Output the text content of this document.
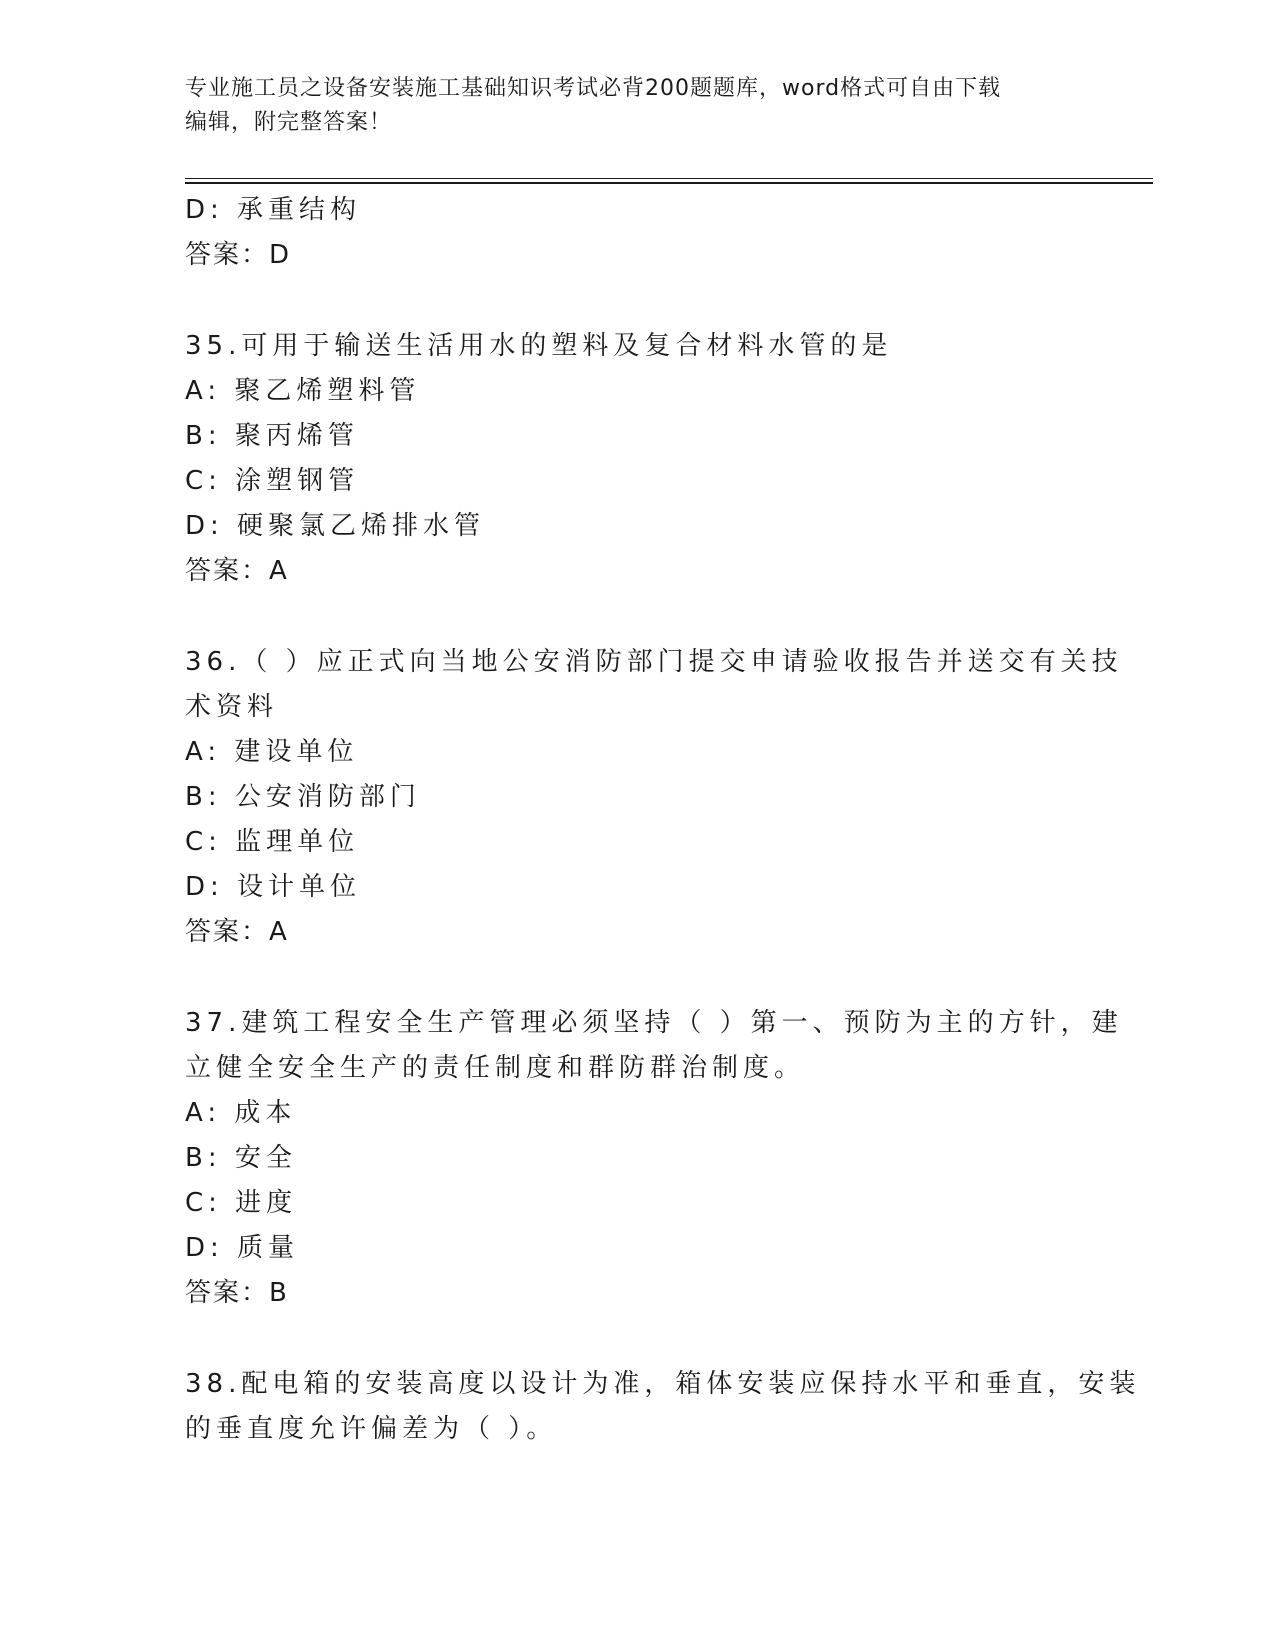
专业施工员之设备安装施工基础知识考试必背200题题库，word格式可自由下载
编辑，附完整答案！
D: 承重结构
答案：D
35.可用于输送生活用水的塑料及复合材料水管的是
A: 聚乙烯塑料管
B: 聚丙烯管
C: 涂塑钢管
D: 硬聚氯乙烯排水管
答案：A
36.（ ）应正式向当地公安消防部门提交申请验收报告并送交有关技
术资料
A: 建设单位
B: 公安消防部门
C: 监理单位
D: 设计单位
答案：A
37.建筑工程安全生产管理必须坚持（ ）第一、预防为主的方针，建
立健全安全生产的责任制度和群防群治制度。
A: 成本
B: 安全
C: 进度
D: 质量
答案：B
38.配电箱的安装高度以设计为准，箱体安装应保持水平和垂直，安装
的垂直度允许偏差为（ ）。
